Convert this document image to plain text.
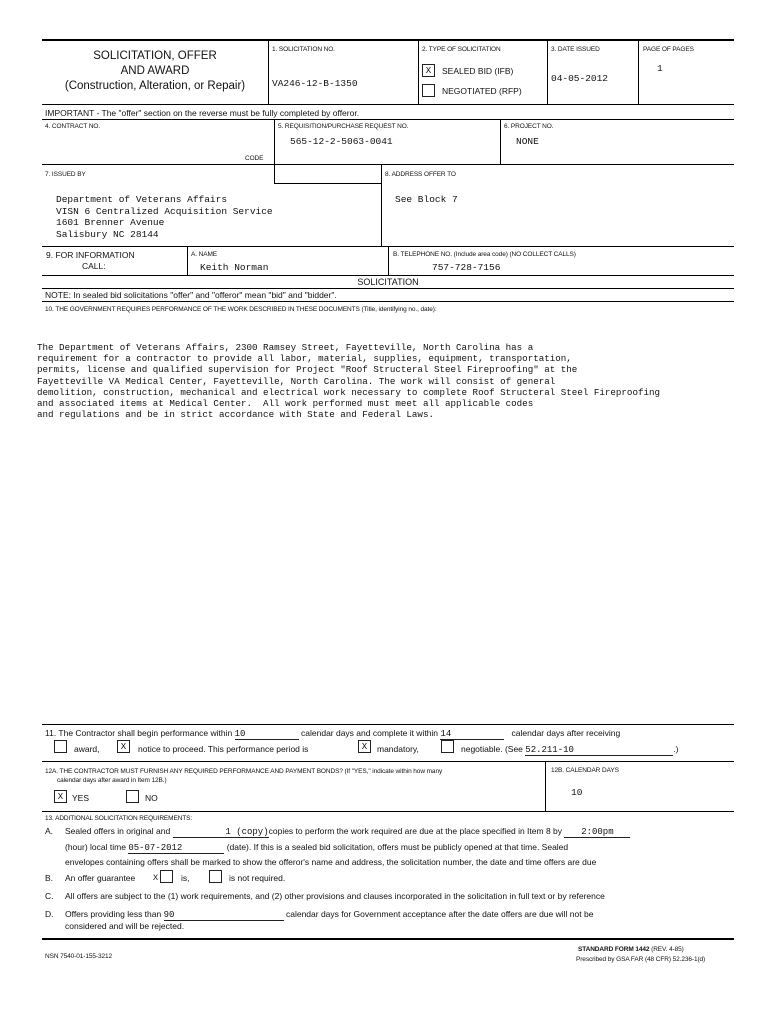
SOLICITATION, OFFER
AND AWARD
(Construction, Alteration, or Repair)
1. SOLICITATION NO.
VA246-12-B-1350
2. TYPE OF SOLICITATION
X	SEALED BID (IFB)
NEGOTIATED (RFP)
3. DATE ISSUED
04-05-2012
PAGE OF PAGES
1
IMPORTANT - The "offer" section on the reverse must be fully completed by offeror.
4. CONTRACT NO.
CODE
5. REQUISITION/PURCHASE REQUEST NO.
565-12-2-5063-0041
6. PROJECT NO.
NONE
7. ISSUED BY
Department of Veterans Affairs
VISN 6 Centralized Acquisition Service
1601 Brenner Avenue
Salisbury NC 28144
8. ADDRESS OFFER TO
See Block 7
9. FOR INFORMATION
CALL:
A. NAME
Keith Norman
B. TELEPHONE NO. (Include area code) (NO COLLECT CALLS)
757-728-7156
SOLICITATION
NOTE: In sealed bid solicitations "offer" and "offeror" mean "bid" and "bidder".
10. THE GOVERNMENT REQUIRES PERFORMANCE OF THE WORK DESCRIBED IN THESE DOCUMENTS (Title, identifying no., date):
The Department of Veterans Affairs, 2300 Ramsey Street, Fayetteville, North Carolina has a
requirement for a contractor to provide all labor, material, supplies, equipment, transportation,
permits, license and qualified supervision for Project "Roof Structeral Steel Fireproofing" at the
Fayetteville VA Medical Center, Fayetteville, North Carolina. The work will consist of general
demolition, construction, mechanical and electrical work necessary to complete Roof Structeral Steel Fireproofing
and associated items at Medical Center.  All work performed must meet all applicable codes
and regulations and be in strict accordance with State and Federal Laws.
11. The Contractor shall begin performance within 10	calendar days and complete it within 14	calendar days after receiving
award,	X	notice to proceed. This performance period is	X	mandatory,	negotiable. (See 52.211-10	.)
12A. THE CONTRACTOR MUST FURNISH ANY REQUIRED PERFORMANCE AND PAYMENT BONDS? (If "YES," indicate within how many
calendar days after award in Item 12B.)
X	YES	NO
12B. CALENDAR DAYS
10
13. ADDITIONAL SOLICITATION REQUIREMENTS:
A. Sealed offers in original and	1 (copy)copies to perform the work required are due at the place specified in Item 8 by 2:00pm
(hour) local time 05-07-2012	(date). If this is a sealed bid solicitation, offers must be publicly opened at that time. Sealed
envelopes containing offers shall be marked to show the offeror's name and address, the solicitation number, the date and time offers are due
B. An offer guarantee X	is,	is not required.
C. All offers are subject to the (1) work requirements, and (2) other provisions and clauses incorporated in the solicitation in full text or by reference
D. Offers providing less than 90	calendar days for Government acceptance after the date offers are due will not be
considered and will be rejected.
NSN 7540-01-155-3212
STANDARD FORM 1442 (REV. 4-85)
Prescribed by GSA FAR (48 CFR) 52.236-1(d)
